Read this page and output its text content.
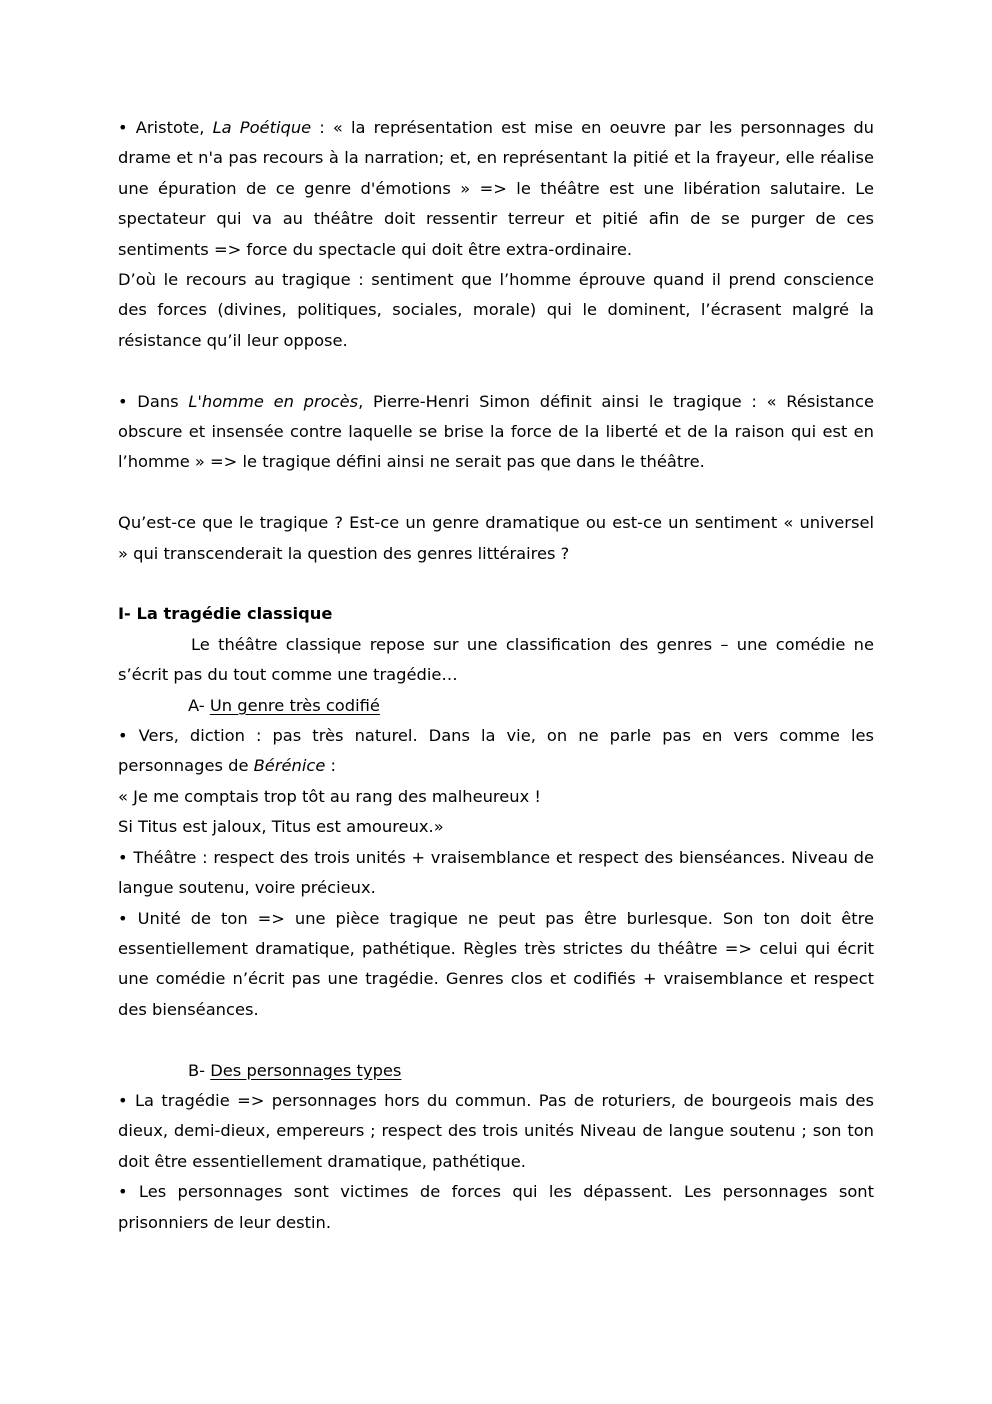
• Aristote, La Poétique : « la représentation est mise en oeuvre par les personnages du drame et n'a pas recours à la narration; et, en représentant la pitié et la frayeur, elle réalise une épuration de ce genre d'émotions » => le théâtre est une libération salutaire. Le spectateur qui va au théâtre doit ressentir terreur et pitié afin de se purger de ces sentiments => force du spectacle qui doit être extra-ordinaire.

D’où le recours au tragique : sentiment que l’homme éprouve quand il prend conscience des forces (divines, politiques, sociales, morale) qui le dominent, l’écrasent malgré la résistance qu’il leur oppose.

• Dans L'homme en procès, Pierre-Henri Simon définit ainsi le tragique : « Résistance obscure et insensée contre laquelle se brise la force de la liberté et de la raison qui est en l’homme » => le tragique défini ainsi ne serait pas que dans le théâtre.

Qu’est-ce que le tragique ? Est-ce un genre dramatique ou est-ce un sentiment « universel » qui transcenderait la question des genres littéraires ?

I- La tragédie classique

Le théâtre classique repose sur une classification des genres – une comédie ne s’écrit pas du tout comme une tragédie…

A- Un genre très codifié

• Vers, diction : pas très naturel. Dans la vie, on ne parle pas en vers comme les personnages de Bérénice :

« Je me comptais trop tôt au rang des malheureux !

Si Titus est jaloux, Titus est amoureux.»

• Théâtre : respect des trois unités + vraisemblance et respect des bienséances. Niveau de langue soutenu, voire précieux.

• Unité de ton => une pièce tragique ne peut pas être burlesque. Son ton doit être essentiellement dramatique, pathétique. Règles très strictes du théâtre => celui qui écrit une comédie n’écrit pas une tragédie. Genres clos et codifiés + vraisemblance et respect des bienséances.

B- Des personnages types

• La tragédie => personnages hors du commun. Pas de roturiers, de bourgeois mais des dieux, demi-dieux, empereurs ; respect des trois unités Niveau de langue soutenu ; son ton doit être essentiellement dramatique, pathétique.

• Les personnages sont victimes de forces qui les dépassent. Les personnages sont prisonniers de leur destin.
